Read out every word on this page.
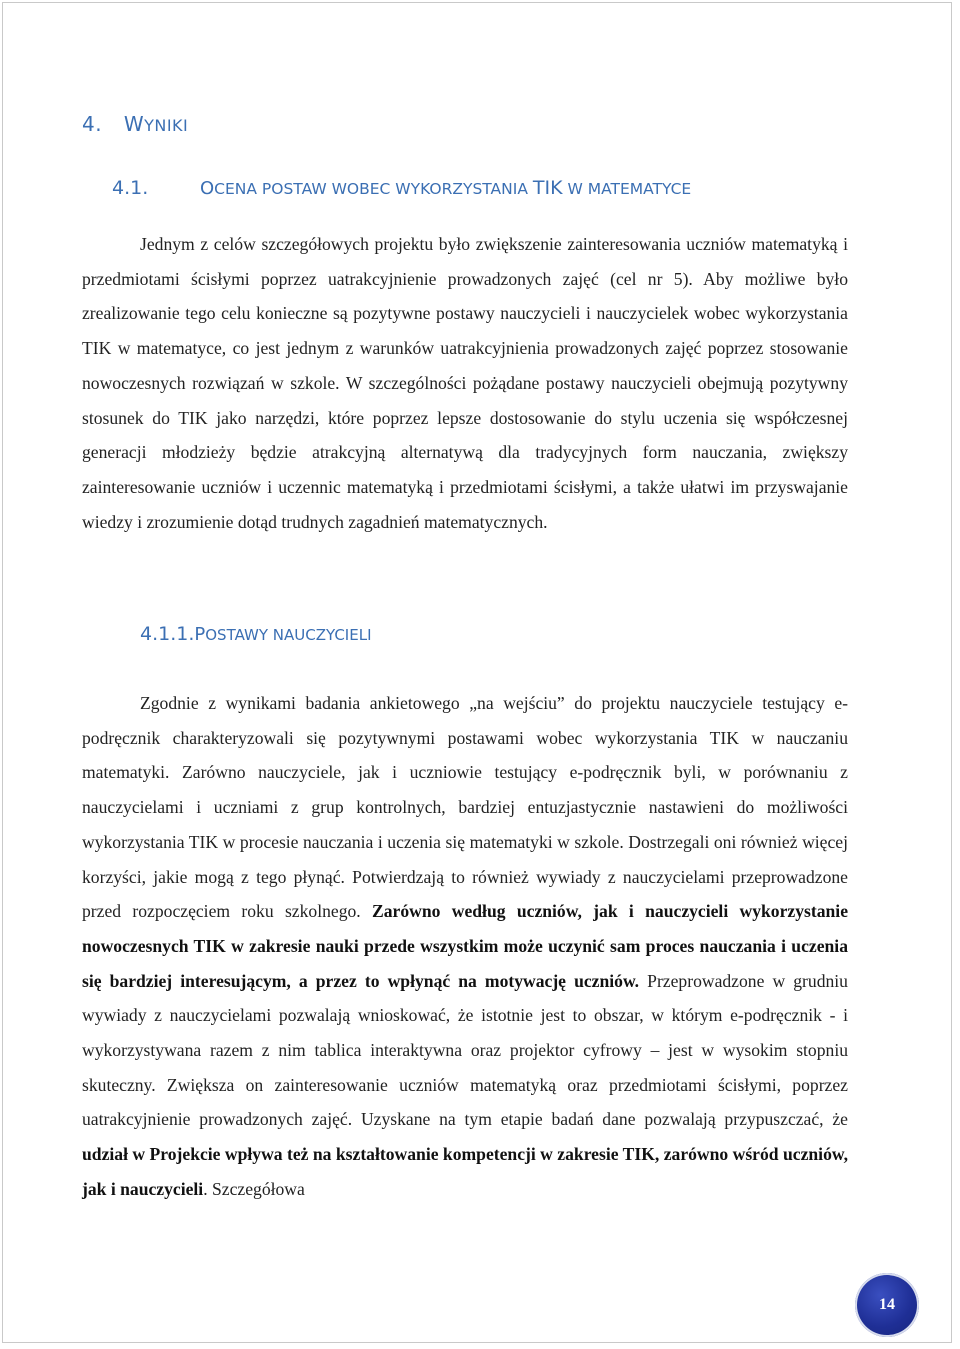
4. WYNIKI
4.1.	OCENA POSTAW WOBEC WYKORZYSTANIA TIK W MATEMATYCE

Jednym z celów szczegółowych projektu było zwiększenie zainteresowania uczniów matematyką i przedmiotami ścisłymi poprzez uatrakcyjnienie prowadzonych zajęć (cel nr 5). Aby możliwe było zrealizowanie tego celu konieczne są pozytywne postawy nauczycieli i nauczycielek wobec wykorzystania TIK w matematyce, co jest jednym z warunków uatrakcyjnienia prowadzonych zajęć poprzez stosowanie nowoczesnych rozwiązań w szkole. W szczególności pożądane postawy nauczycieli obejmują pozytywny stosunek do TIK jako narzędzi, które poprzez lepsze dostosowanie do stylu uczenia się współczesnej generacji młodzieży będzie atrakcyjną alternatywą dla tradycyjnych form nauczania, zwiększy zainteresowanie uczniów i uczennic matematyką i przedmiotami ścisłymi, a także ułatwi im przyswajanie wiedzy i zrozumienie dotąd trudnych zagadnień matematycznych.

4.1.1.POSTAWY NAUCZYCIELI

Zgodnie z wynikami badania ankietowego „na wejściu” do projektu nauczyciele testujący e-podręcznik charakteryzowali się pozytywnymi postawami wobec wykorzystania TIK w nauczaniu matematyki. Zarówno nauczyciele, jak i uczniowie testujący e-podręcznik byli, w porównaniu z nauczycielami i uczniami z grup kontrolnych, bardziej entuzjastycznie nastawieni do możliwości wykorzystania TIK w procesie nauczania i uczenia się matematyki w szkole. Dostrzegali oni również więcej korzyści, jakie mogą z tego płynąć. Potwierdzają to również wywiady z nauczycielami przeprowadzone przed rozpoczęciem roku szkolnego. Zarówno według uczniów, jak i nauczycieli wykorzystanie nowoczesnych TIK w zakresie nauki przede wszystkim może uczynić sam proces nauczania i uczenia się bardziej interesującym, a przez to wpłynąć na motywację uczniów. Przeprowadzone w grudniu wywiady z nauczycielami pozwalają wnioskować, że istotnie jest to obszar, w którym e-podręcznik - i wykorzystywana razem z nim tablica interaktywna oraz projektor cyfrowy – jest w wysokim stopniu skuteczny. Zwiększa on zainteresowanie uczniów matematyką oraz przedmiotami ścisłymi, poprzez uatrakcyjnienie prowadzonych zajęć. Uzyskane na tym etapie badań dane pozwalają przypuszczać, że udział w Projekcie wpływa też na kształtowanie kompetencji w zakresie TIK, zarówno wśród uczniów, jak i nauczycieli. Szczegółowa

14
